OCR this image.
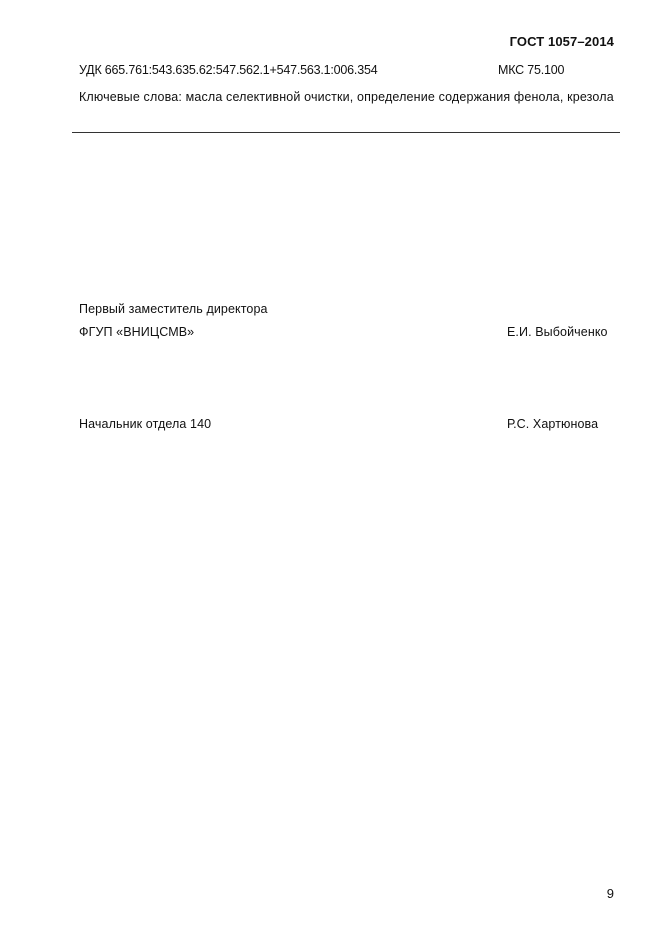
ГОСТ 1057–2014
УДК 665.761:543.635.62:547.562.1+547.563.1:006.354	МКС 75.100
Ключевые слова: масла селективной очистки, определение содержания фенола, крезола
Первый заместитель директора
ФГУП «ВНИЦСМВ»	Е.И. Выбойченко
Начальник отдела 140	Р.С. Хартюнова
9
